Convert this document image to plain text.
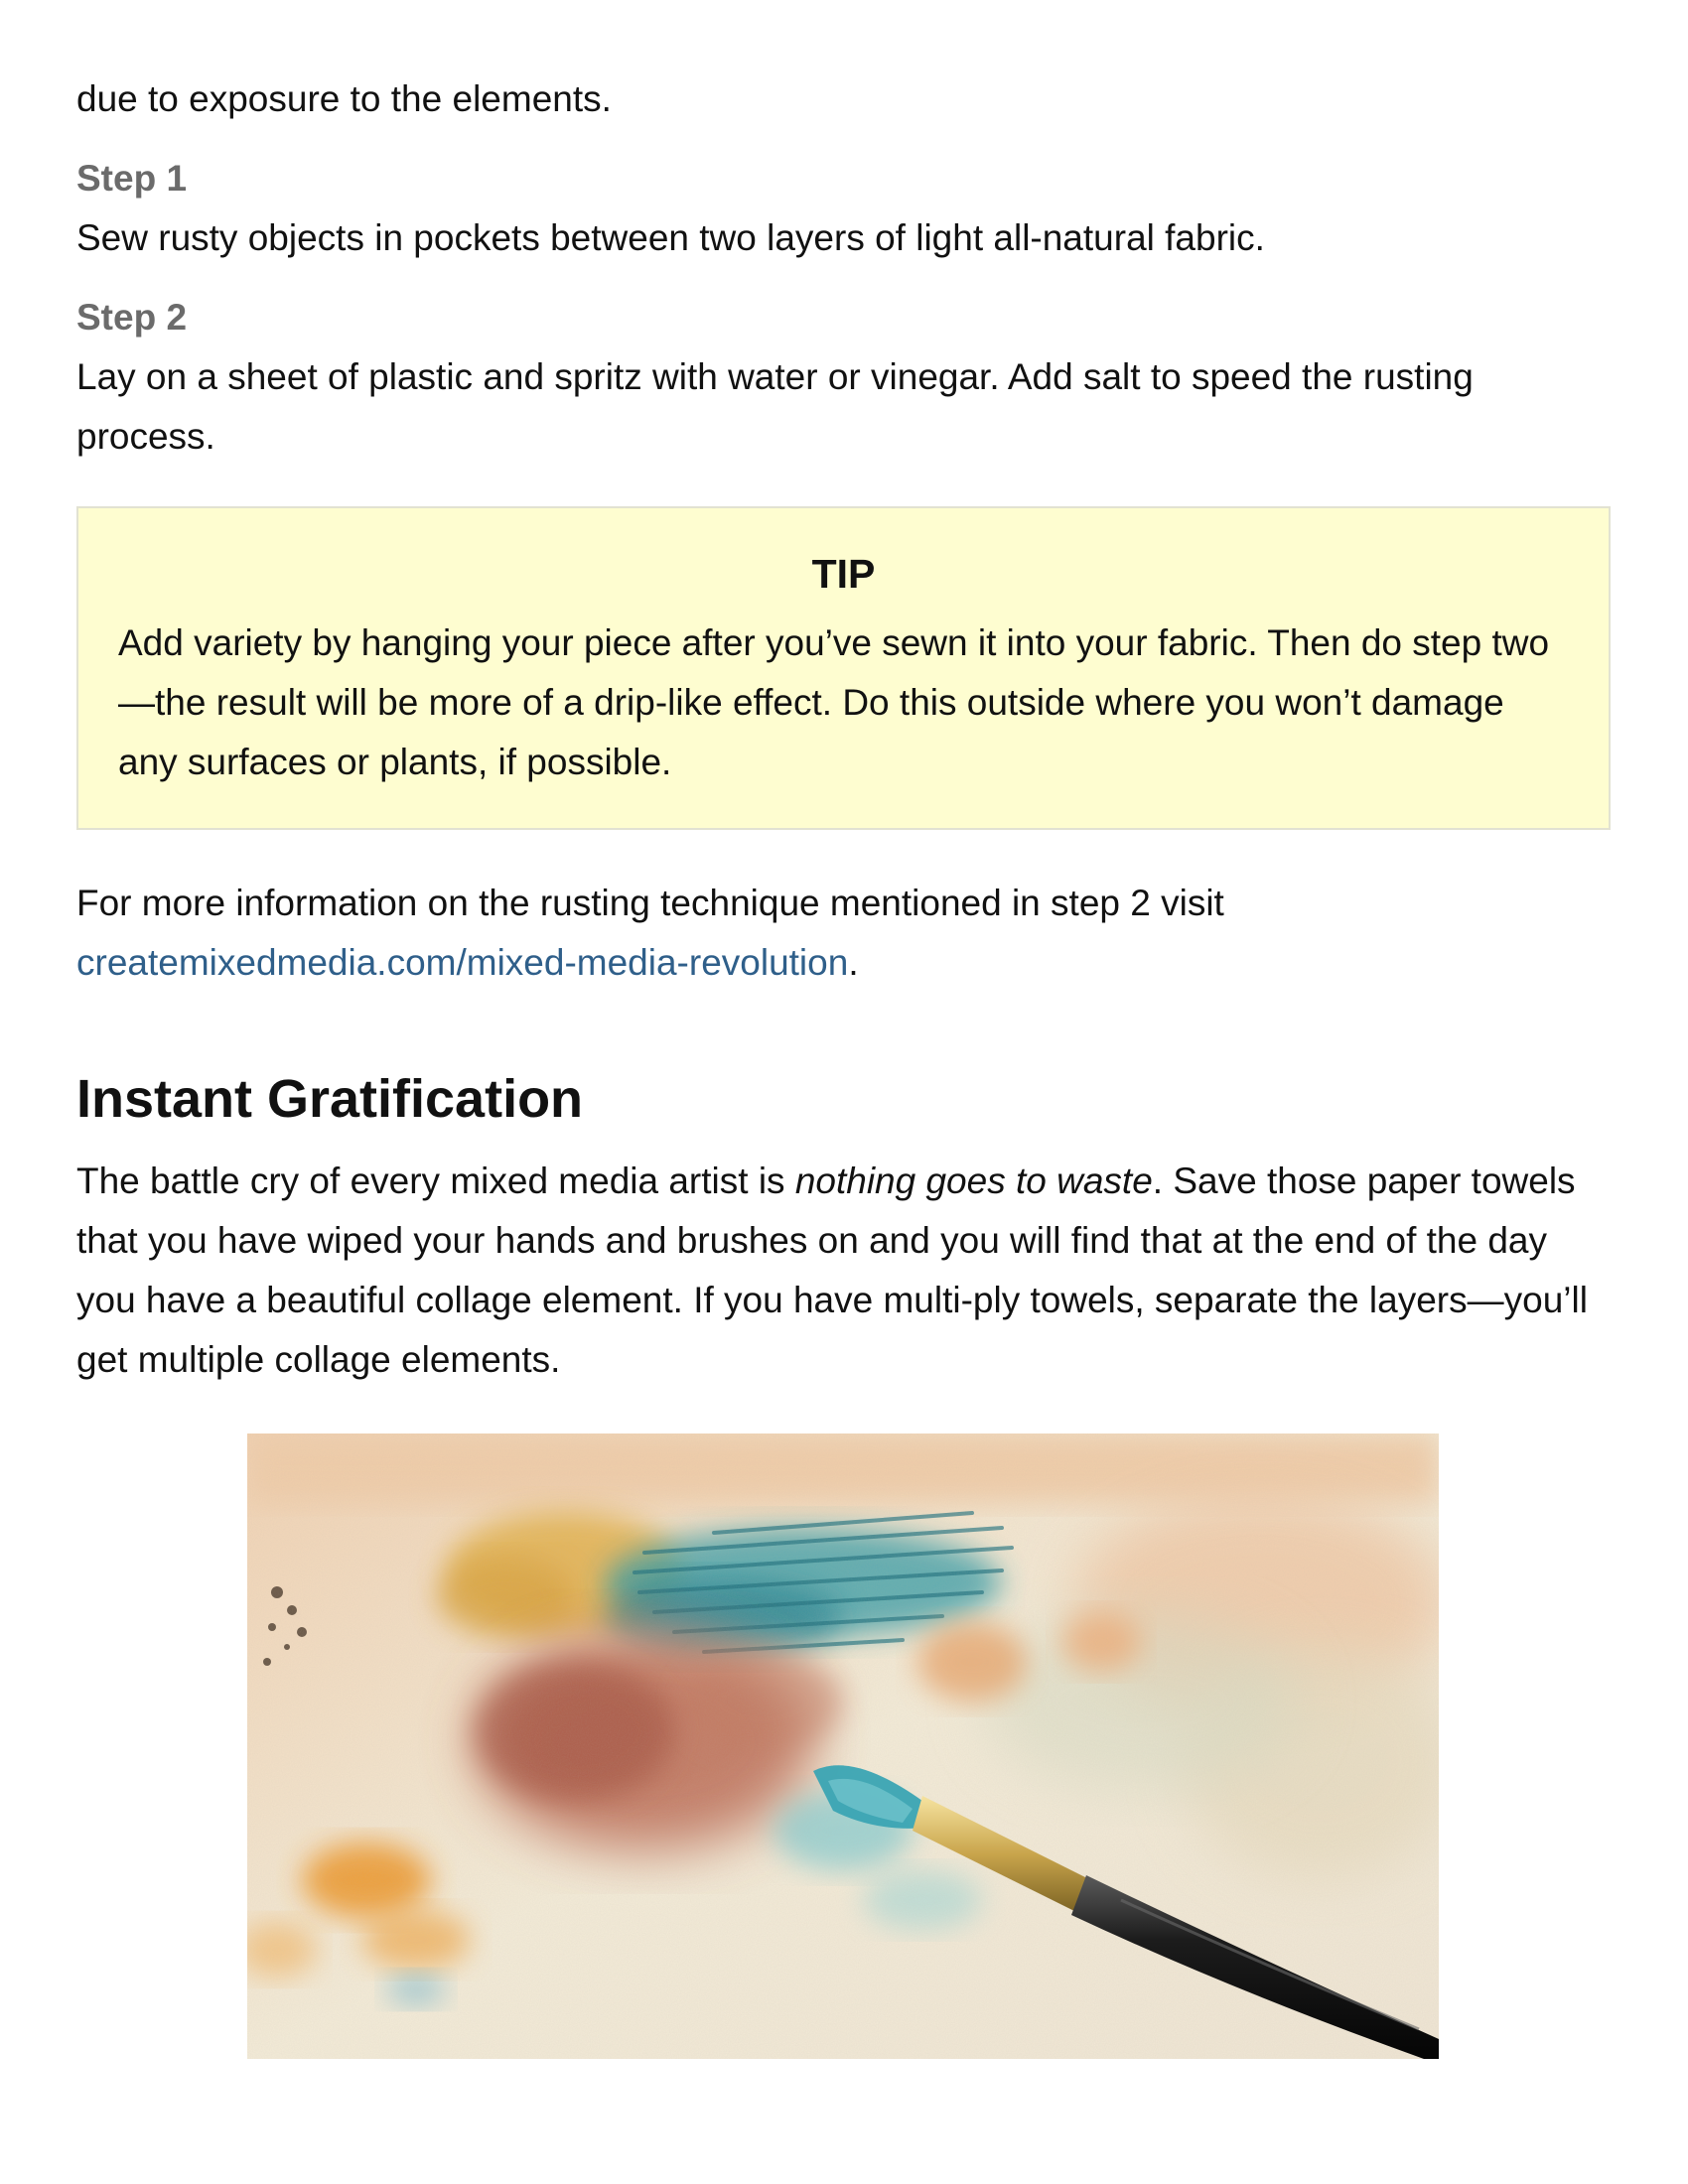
due to exposure to the elements.

Step 1

Sew rusty objects in pockets between two layers of light all-natural fabric.

Step 2

Lay on a sheet of plastic and spritz with water or vinegar. Add salt to speed the rusting process.

TIP

Add variety by hanging your piece after you’ve sewn it into your fabric. Then do step two—the result will be more of a drip-like effect. Do this outside where you won’t damage any surfaces or plants, if possible.

For more information on the rusting technique mentioned in step 2 visit createmixedmedia.com/mixed-media-revolution.

Instant Gratification

The battle cry of every mixed media artist is nothing goes to waste. Save those paper towels that you have wiped your hands and brushes on and you will find that at the end of the day you have a beautiful collage element. If you have multi-ply towels, separate the layers—you’ll get multiple collage elements.
